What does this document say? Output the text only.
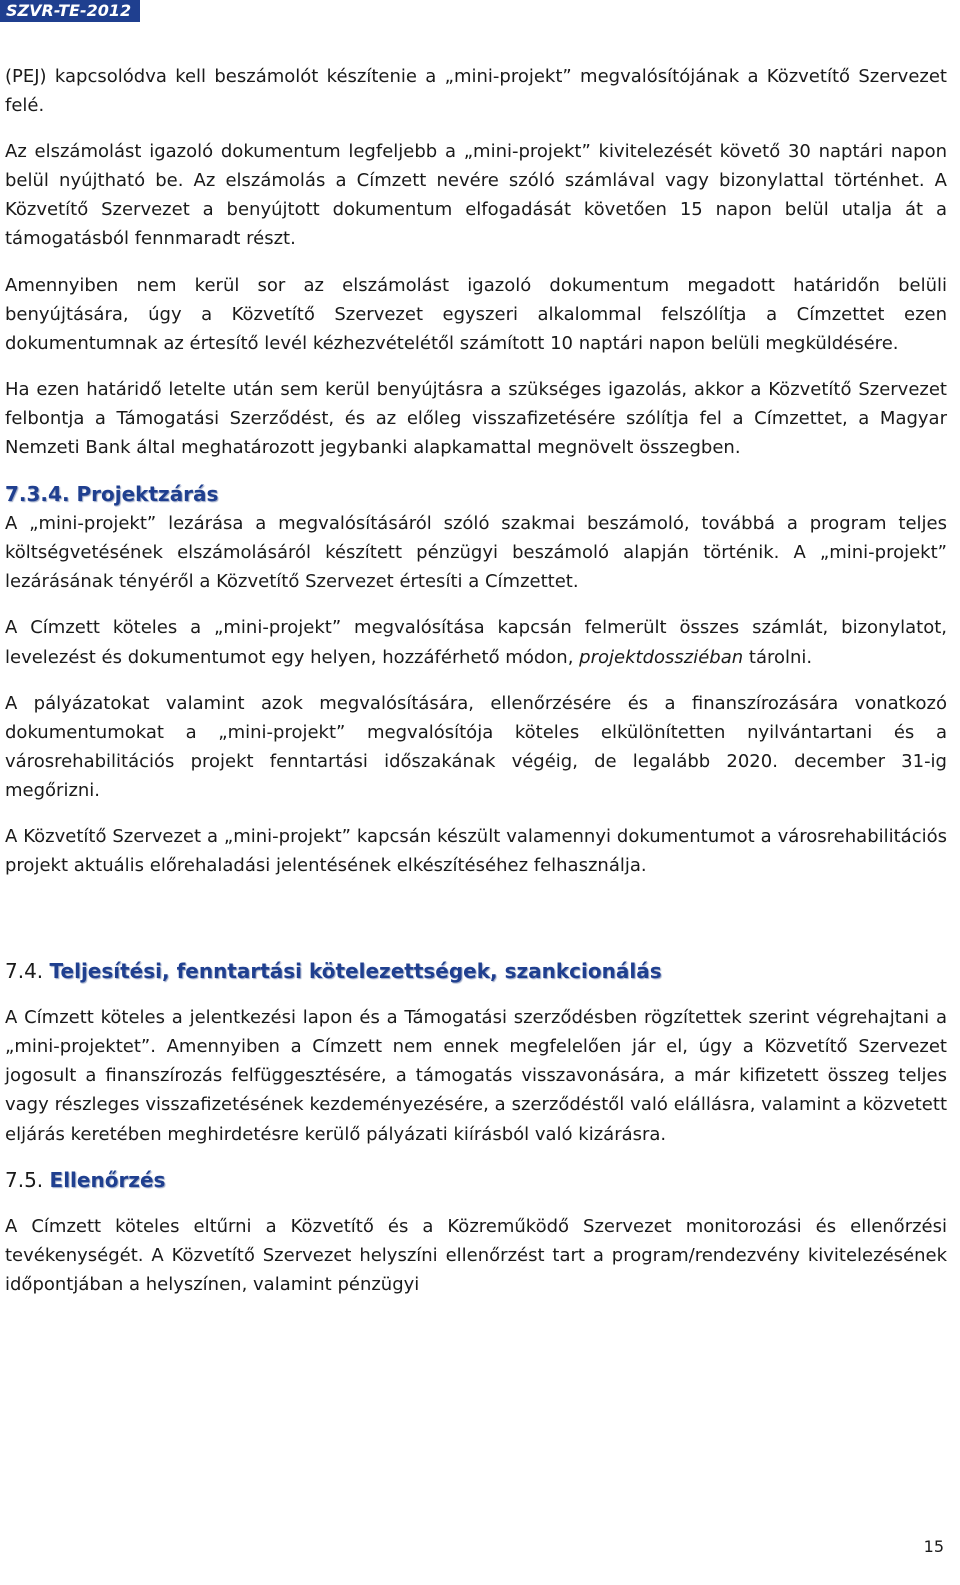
SZVR-TE-2012

(PEJ) kapcsolódva kell beszámolót készítenie a „mini-projekt” megvalósítójának a Közvetítő Szervezet felé.

Az elszámolást igazoló dokumentum legfeljebb a „mini-projekt” kivitelezését követő 30 naptári napon belül nyújtható be. Az elszámolás a Címzett nevére szóló számlával vagy bizonylattal történhet. A Közvetítő Szervezet a benyújtott dokumentum elfogadását követően 15 napon belül utalja át a támogatásból fennmaradt részt.

Amennyiben nem kerül sor az elszámolást igazoló dokumentum megadott határidőn belüli benyújtására, úgy a Közvetítő Szervezet egyszeri alkalommal felszólítja a Címzettet ezen dokumentumnak az értesítő levél kézhezvételétől számított 10 naptári napon belüli megküldésére.

Ha ezen határidő letelte után sem kerül benyújtásra a szükséges igazolás, akkor a Közvetítő Szervezet felbontja a Támogatási Szerződést, és az előleg visszafizetésére szólítja fel a Címzettet, a Magyar Nemzeti Bank által meghatározott jegybanki alapkamattal megnövelt összegben.

7.3.4. Projektzárás

A „mini-projekt” lezárása a megvalósításáról szóló szakmai beszámoló, továbbá a program teljes költségvetésének elszámolásáról készített pénzügyi beszámoló alapján történik. A „mini-projekt” lezárásának tényéről a Közvetítő Szervezet értesíti a Címzettet.

A Címzett köteles a „mini-projekt” megvalósítása kapcsán felmerült összes számlát, bizonylatot, levelezést és dokumentumot egy helyen, hozzáférhető módon, projektdossziéban tárolni.

A pályázatokat valamint azok megvalósítására, ellenőrzésére és a finanszírozására vonatkozó dokumentumokat a „mini-projekt” megvalósítója köteles elkülönítetten nyilvántartani és a városrehabilitációs projekt fenntartási időszakának végéig, de legalább 2020. december 31-ig megőrizni.

A Közvetítő Szervezet a „mini-projekt” kapcsán készült valamennyi dokumentumot a városrehabilitációs projekt aktuális előrehaladási jelentésének elkészítéséhez felhasználja.

7.4. Teljesítési, fenntartási kötelezettségek, szankcionálás

A Címzett köteles a jelentkezési lapon és a Támogatási szerződésben rögzítettek szerint végrehajtani a „mini-projektet”. Amennyiben a Címzett nem ennek megfelelően jár el, úgy a Közvetítő Szervezet jogosult a finanszírozás felfüggesztésére, a támogatás visszavonására, a már kifizetett összeg teljes vagy részleges visszafizetésének kezdeményezésére, a szerződéstől való elállásra, valamint a közvetett eljárás keretében meghirdetésre kerülő pályázati kiírásból való kizárásra.

7.5. Ellenőrzés

A Címzett köteles eltűrni a Közvetítő és a Közreműködő Szervezet monitorozási és ellenőrzési tevékenységét. A Közvetítő Szervezet helyszíni ellenőrzést tart a program/rendezvény kivitelezésének időpontjában a helyszínen, valamint pénzügyi

15
